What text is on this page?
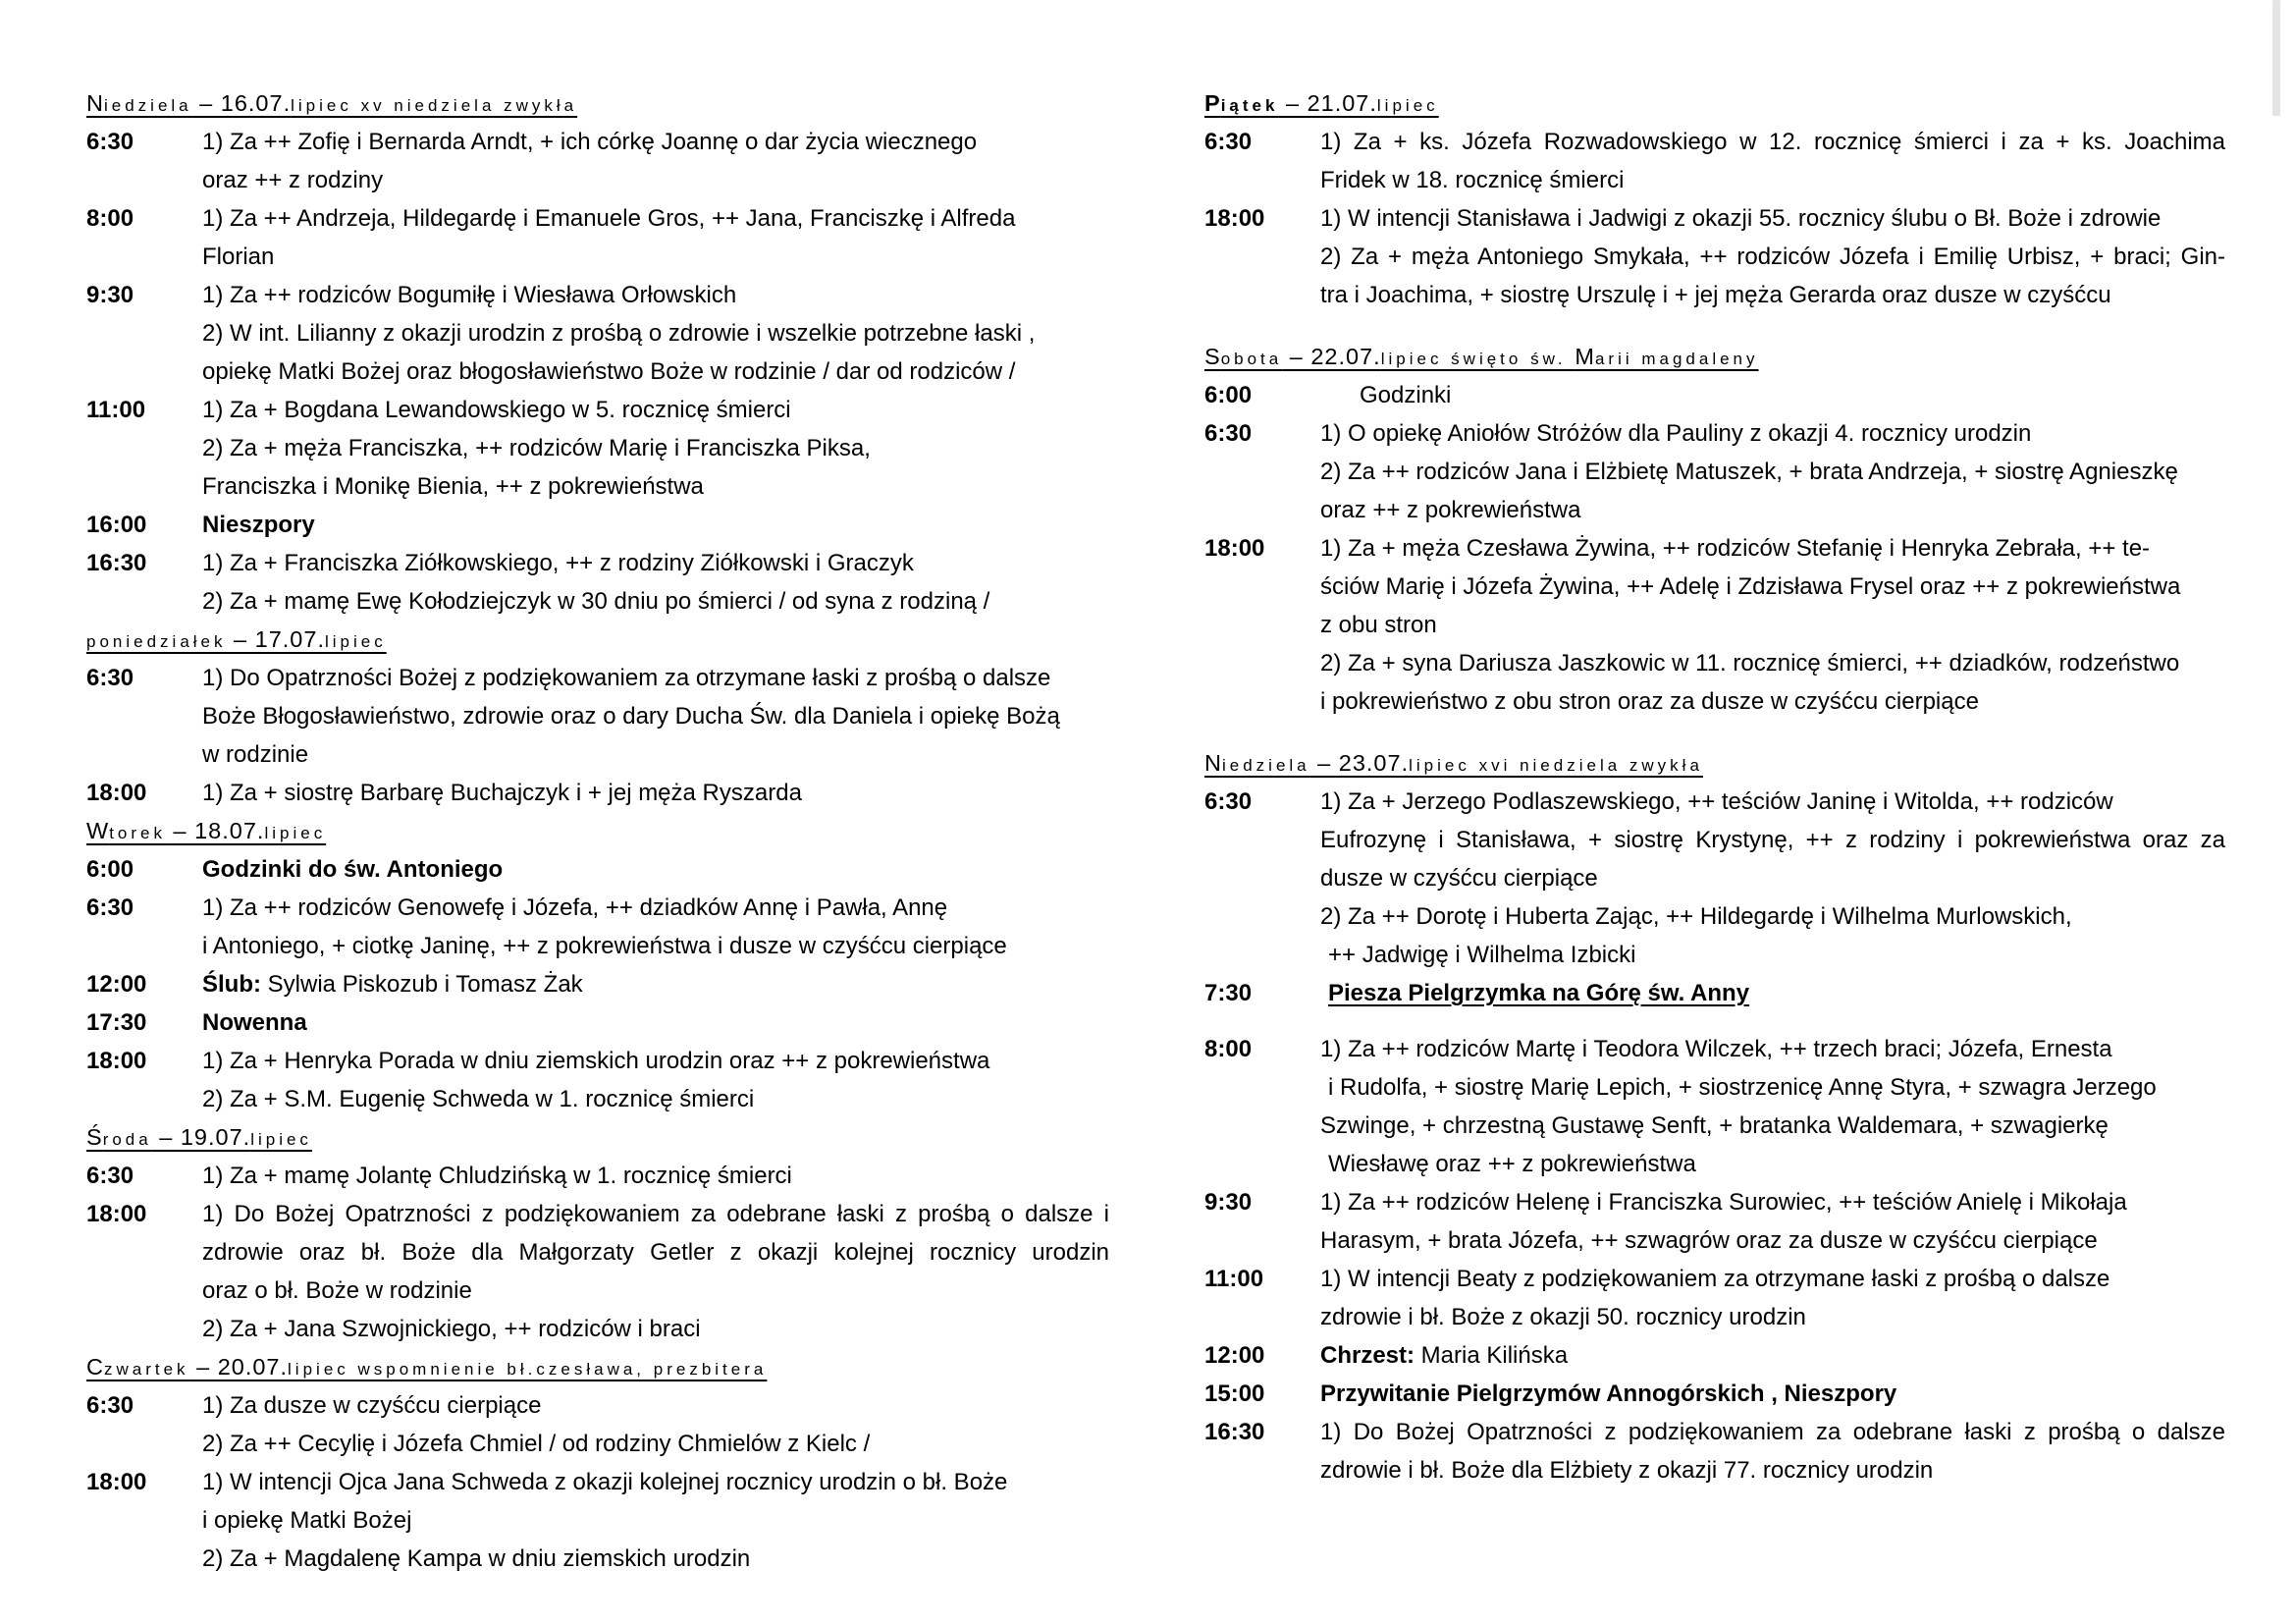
Niedziela – 16.07.lipiec xv niedziela zwykła
6:30	1) Za ++ Zofię i Bernarda Arndt, + ich córkę Joannę o dar życia wiecznego
oraz ++ z rodziny
8:00	1) Za ++ Andrzeja, Hildegardę i Emanuele Gros, ++ Jana, Franciszkę i Alfreda
Florian
9:30	1) Za ++ rodziców Bogumiłę i Wiesława Orłowskich
2) W int. Lilianny z okazji urodzin z prośbą o zdrowie i wszelkie potrzebne łaski ,
opiekę Matki Bożej oraz błogosławieństwo Boże w rodzinie / dar od rodziców /
11:00	1) Za + Bogdana Lewandowskiego w 5. rocznicę śmierci
2) Za + męża Franciszka, ++ rodziców Marię i Franciszka Piksa,
Franciszka i Monikę Bienia, ++ z pokrewieństwa
16:00	Nieszpory
16:30	1) Za + Franciszka Ziółkowskiego, ++ z rodziny Ziółkowski i Graczyk
2) Za + mamę Ewę Kołodziejczyk w 30 dniu po śmierci / od syna z rodziną /
poniedziałek – 17.07.lipiec
6:30	1) Do Opatrzności Bożej z podziękowaniem za otrzymane łaski z prośbą o dalsze
Boże Błogosławieństwo, zdrowie oraz o dary Ducha Św. dla Daniela i opiekę Bożą
w rodzinie
18:00	1) Za + siostrę Barbarę Buchajczyk i + jej męża Ryszarda
Wtorek – 18.07.lipiec
6:00	Godzinki do św. Antoniego
6:30	1) Za ++ rodziców Genowefę i Józefa, ++ dziadków Annę i Pawła, Annę
i Antoniego, + ciotkę Janinę, ++ z pokrewieństwa i dusze w czyśćcu cierpiące
12:00	Ślub: Sylwia Piskozub i Tomasz Żak
17:30	Nowenna
18:00	1) Za + Henryka Porada w dniu ziemskich urodzin oraz ++ z pokrewieństwa
2) Za + S.M. Eugenię Schweda w 1. rocznicę śmierci
Środa – 19.07.lipiec
6:30	1) Za + mamę Jolantę Chludzińską w 1. rocznicę śmierci
18:00	1) Do Bożej Opatrzności z podziękowaniem za odebrane łaski z prośbą o dalsze i
zdrowie oraz bł. Boże dla Małgorzaty Getler z okazji kolejnej rocznicy urodzin
oraz o bł. Boże w rodzinie
2) Za + Jana Szwojnickiego, ++ rodziców i braci
Czwartek – 20.07.lipiec wspomnienie bł.czesława, prezbitera
6:30	1) Za dusze w czyśćcu cierpiące
2) Za ++ Cecylię i Józefa Chmiel / od rodziny Chmielów z Kielc /
18:00	1) W intencji Ojca Jana Schweda z okazji kolejnej rocznicy urodzin o bł. Boże
i opiekę Matki Bożej
2) Za + Magdalenę Kampa w dniu ziemskich urodzin
Piątek – 21.07.lipiec
6:30	1) Za + ks. Józefa Rozwadowskiego w 12. rocznicę śmierci i za + ks. Joachima
Fridek w 18. rocznicę śmierci
18:00	1) W intencji Stanisława i Jadwigi z okazji 55. rocznicy ślubu o Bł. Boże i zdrowie
2) Za + męża Antoniego Smykała, ++ rodziców Józefa i Emilię Urbisz, + braci; Gin-
tra i Joachima, + siostrę Urszulę i + jej męża Gerarda oraz dusze w czyśćcu
Sobota – 22.07.lipiec święto św. Marii magdaleny
6:00	Godzinki
6:30	1) O opiekę Aniołów Stróżów dla Pauliny z okazji 4. rocznicy urodzin
2) Za ++ rodziców Jana i Elżbietę Matuszek, + brata Andrzeja, + siostrę Agnieszkę
oraz ++ z pokrewieństwa
18:00	1) Za + męża Czesława Żywina, ++ rodziców Stefanię i Henryka Zebrała, ++ te-
ściów Marię i Józefa Żywina, ++ Adelę i Zdzisława Frysel oraz ++ z pokrewieństwa
z obu stron
2) Za + syna Dariusza Jaszkowic w 11. rocznicę śmierci, ++ dziadków, rodzeństwo
i pokrewieństwo z obu stron oraz za dusze w czyśćcu cierpiące
Niedziela – 23.07.lipiec xvi niedziela zwykła
6:30	1) Za + Jerzego Podlaszewskiego, ++ teściów Janinę i Witolda, ++ rodziców
Eufrozynę i Stanisława, + siostrę Krystynę, ++ z rodziny i pokrewieństwa oraz za
dusze w czyśćcu cierpiące
2) Za ++ Dorotę i Huberta Zając, ++ Hildegardę i Wilhelma Murlowskich,
++ Jadwigę i Wilhelma Izbicki
7:30	Piesza Pielgrzymka na Górę św. Anny
8:00	1) Za ++ rodziców Martę i Teodora Wilczek, ++ trzech braci; Józefa, Ernesta
i Rudolfa, + siostrę Marię Lepich, + siostrzenicę Annę Styra, + szwagra Jerzego
Szwinge, + chrzestną Gustawę Senft, + bratanka Waldemara, + szwagierkę
Wiesławę oraz ++ z pokrewieństwa
9:30	1) Za ++ rodziców Helenę i Franciszka Surowiec, ++ teściów Anielę i Mikołaja
Harasym, + brata Józefa, ++ szwagrów oraz za dusze w czyśćcu cierpiące
11:00	1) W intencji Beaty z podziękowaniem za otrzymane łaski z prośbą o dalsze
zdrowie i bł. Boże z okazji 50. rocznicy urodzin
12:00	Chrzest: Maria Kilińska
15:00	Przywitanie Pielgrzymów Annogórskich , Nieszpory
16:30	1) Do Bożej Opatrzności z podziękowaniem za odebrane łaski z prośbą o dalsze
zdrowie i bł. Boże dla Elżbiety z okazji 77. rocznicy urodzin
